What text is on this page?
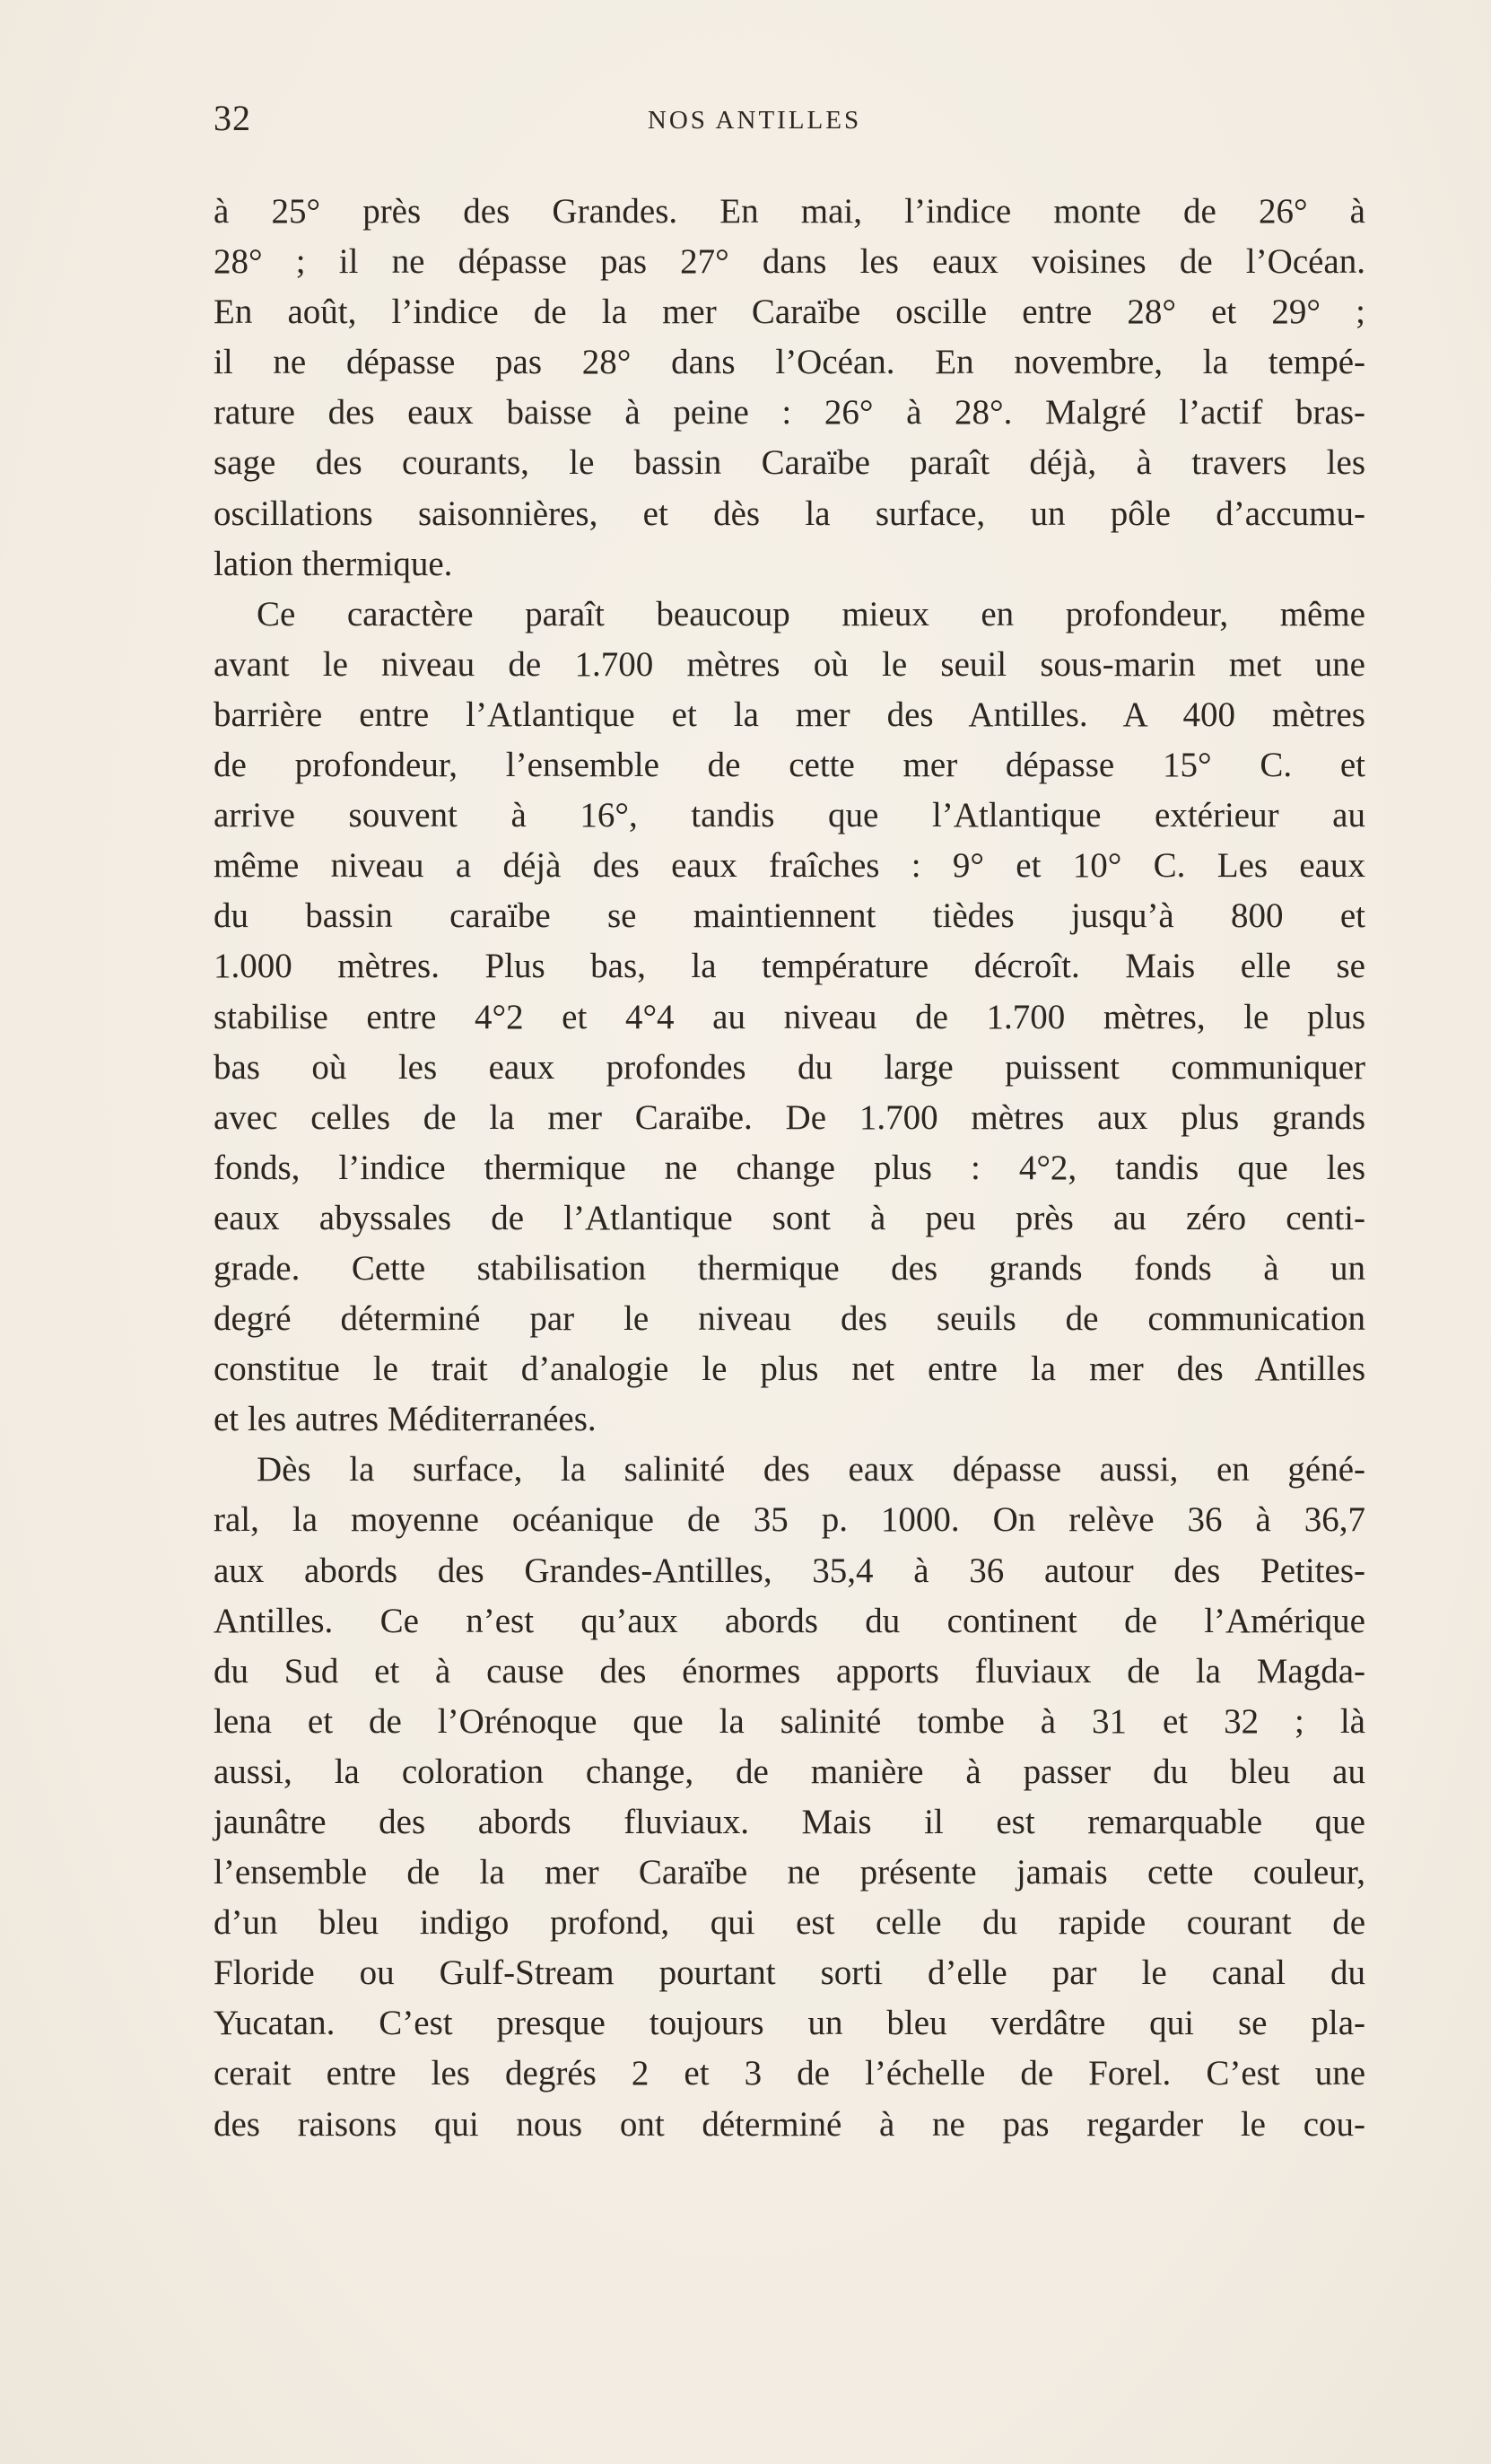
32	NOS ANTILLES
à 25° près des Grandes. En mai, l’indice monte de 26° à
28° ; il ne dépasse pas 27° dans les eaux voisines de l’Océan.
En août, l’indice de la mer Caraïbe oscille entre 28° et 29° ;
il ne dépasse pas 28° dans l’Océan. En novembre, la tempé-
rature des eaux baisse à peine : 26° à 28°. Malgré l’actif bras-
sage des courants, le bassin Caraïbe paraît déjà, à travers les
oscillations saisonnières, et dès la surface, un pôle d’accumu-
lation thermique.
Ce caractère paraît beaucoup mieux en profondeur, même
avant le niveau de 1.700 mètres où le seuil sous-marin met une
barrière entre l’Atlantique et la mer des Antilles. A 400 mètres
de profondeur, l’ensemble de cette mer dépasse 15° C. et
arrive souvent à 16°, tandis que l’Atlantique extérieur au
même niveau a déjà des eaux fraîches : 9° et 10° C. Les eaux
du bassin caraïbe se maintiennent tièdes jusqu’à 800 et
1.000 mètres. Plus bas, la température décroît. Mais elle se
stabilise entre 4°2 et 4°4 au niveau de 1.700 mètres, le plus
bas où les eaux profondes du large puissent communiquer
avec celles de la mer Caraïbe. De 1.700 mètres aux plus grands
fonds, l’indice thermique ne change plus : 4°2, tandis que les
eaux abyssales de l’Atlantique sont à peu près au zéro centi-
grade. Cette stabilisation thermique des grands fonds à un
degré déterminé par le niveau des seuils de communication
constitue le trait d’analogie le plus net entre la mer des Antilles
et les autres Méditerranées.
Dès la surface, la salinité des eaux dépasse aussi, en géné-
ral, la moyenne océanique de 35 p. 1000. On relève 36 à 36,7
aux abords des Grandes-Antilles, 35,4 à 36 autour des Petites-
Antilles. Ce n’est qu’aux abords du continent de l’Amérique
du Sud et à cause des énormes apports fluviaux de la Magda-
lena et de l’Orénoque que la salinité tombe à 31 et 32 ; là
aussi, la coloration change, de manière à passer du bleu au
jaunâtre des abords fluviaux. Mais il est remarquable que
l’ensemble de la mer Caraïbe ne présente jamais cette couleur,
d’un bleu indigo profond, qui est celle du rapide courant de
Floride ou Gulf-Stream pourtant sorti d’elle par le canal du
Yucatan. C’est presque toujours un bleu verdâtre qui se pla-
cerait entre les degrés 2 et 3 de l’échelle de Forel. C’est une
des raisons qui nous ont déterminé à ne pas regarder le cou-
